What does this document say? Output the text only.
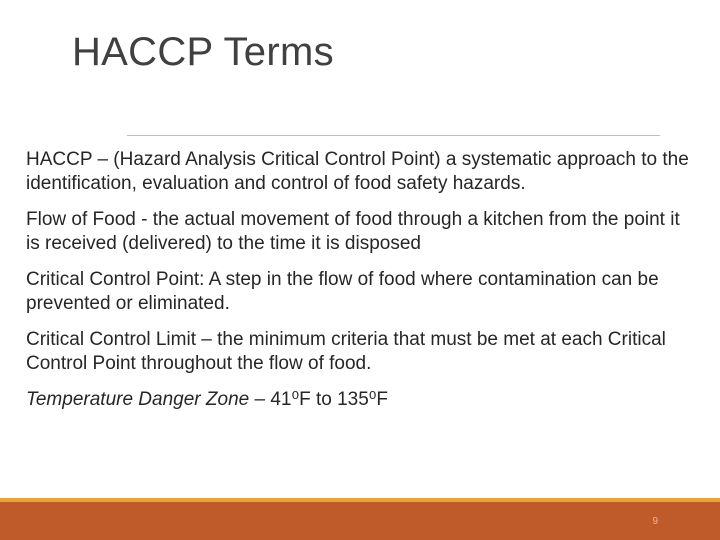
HACCP Terms

HACCP – (Hazard Analysis Critical Control Point) a systematic approach to the identification, evaluation and control of food safety hazards.

Flow of Food - the actual movement of food through a kitchen from the point it is received (delivered) to the time it is disposed

Critical Control Point: A step in the flow of food where contamination can be prevented or eliminated.

Critical Control Limit – the minimum criteria that must be met at each Critical Control Point throughout the flow of food.

Temperature Danger Zone – 41⁰F to 135⁰F

9
